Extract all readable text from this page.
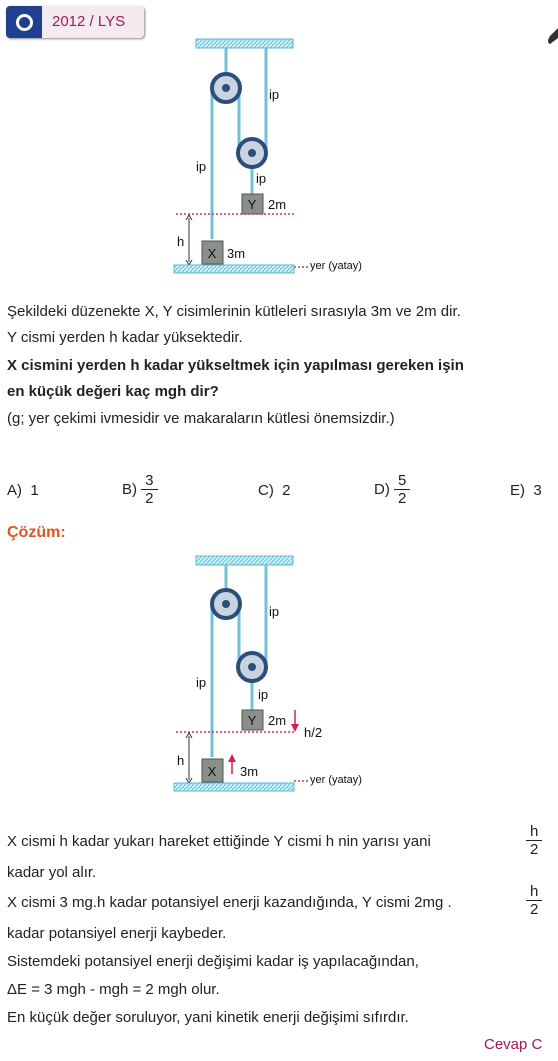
2012 / LYS
Y 2m
h
X 3m
yer (yatay)
ip
ip
ip
Şekildeki düzenekte X, Y cisimlerinin kütleleri sırasıyla 3m ve 2m dir.
Y cismi yerden h kadar yüksektedir.
X cismini yerden h kadar yükseltmek için yapılması gereken işin
en küçük değeri kaç mgh dir?
(g; yer çekimi ivmesidir ve makaraların kütlesi önemsizdir.)
A) 1	$B) \frac{3}{2}$	C) 2	$D) \frac{5}{2}$	E) 3
Çözüm:
Y 2m
h/2
h
X 3m
yer (yatay)
ip
ip
ip
X cismi h kadar yukarı hareket ettiğinde Y cismi h nin yarısı yani	$\frac{h}{2}$
kadar yol alır.
X cismi 3 mg.h kadar potansiyel enerji kazandığında, Y cismi 2mg .	$\frac{h}{2}$
kadar potansiyel enerji kaybeder.
Sistemdeki potansiyel enerji değişimi kadar iş yapılacağından,
ΔE = 3 mgh - mgh = 2 mgh olur.
En küçük değer soruluyor, yani kinetik enerji değişimi sıfırdır.
Cevap C
